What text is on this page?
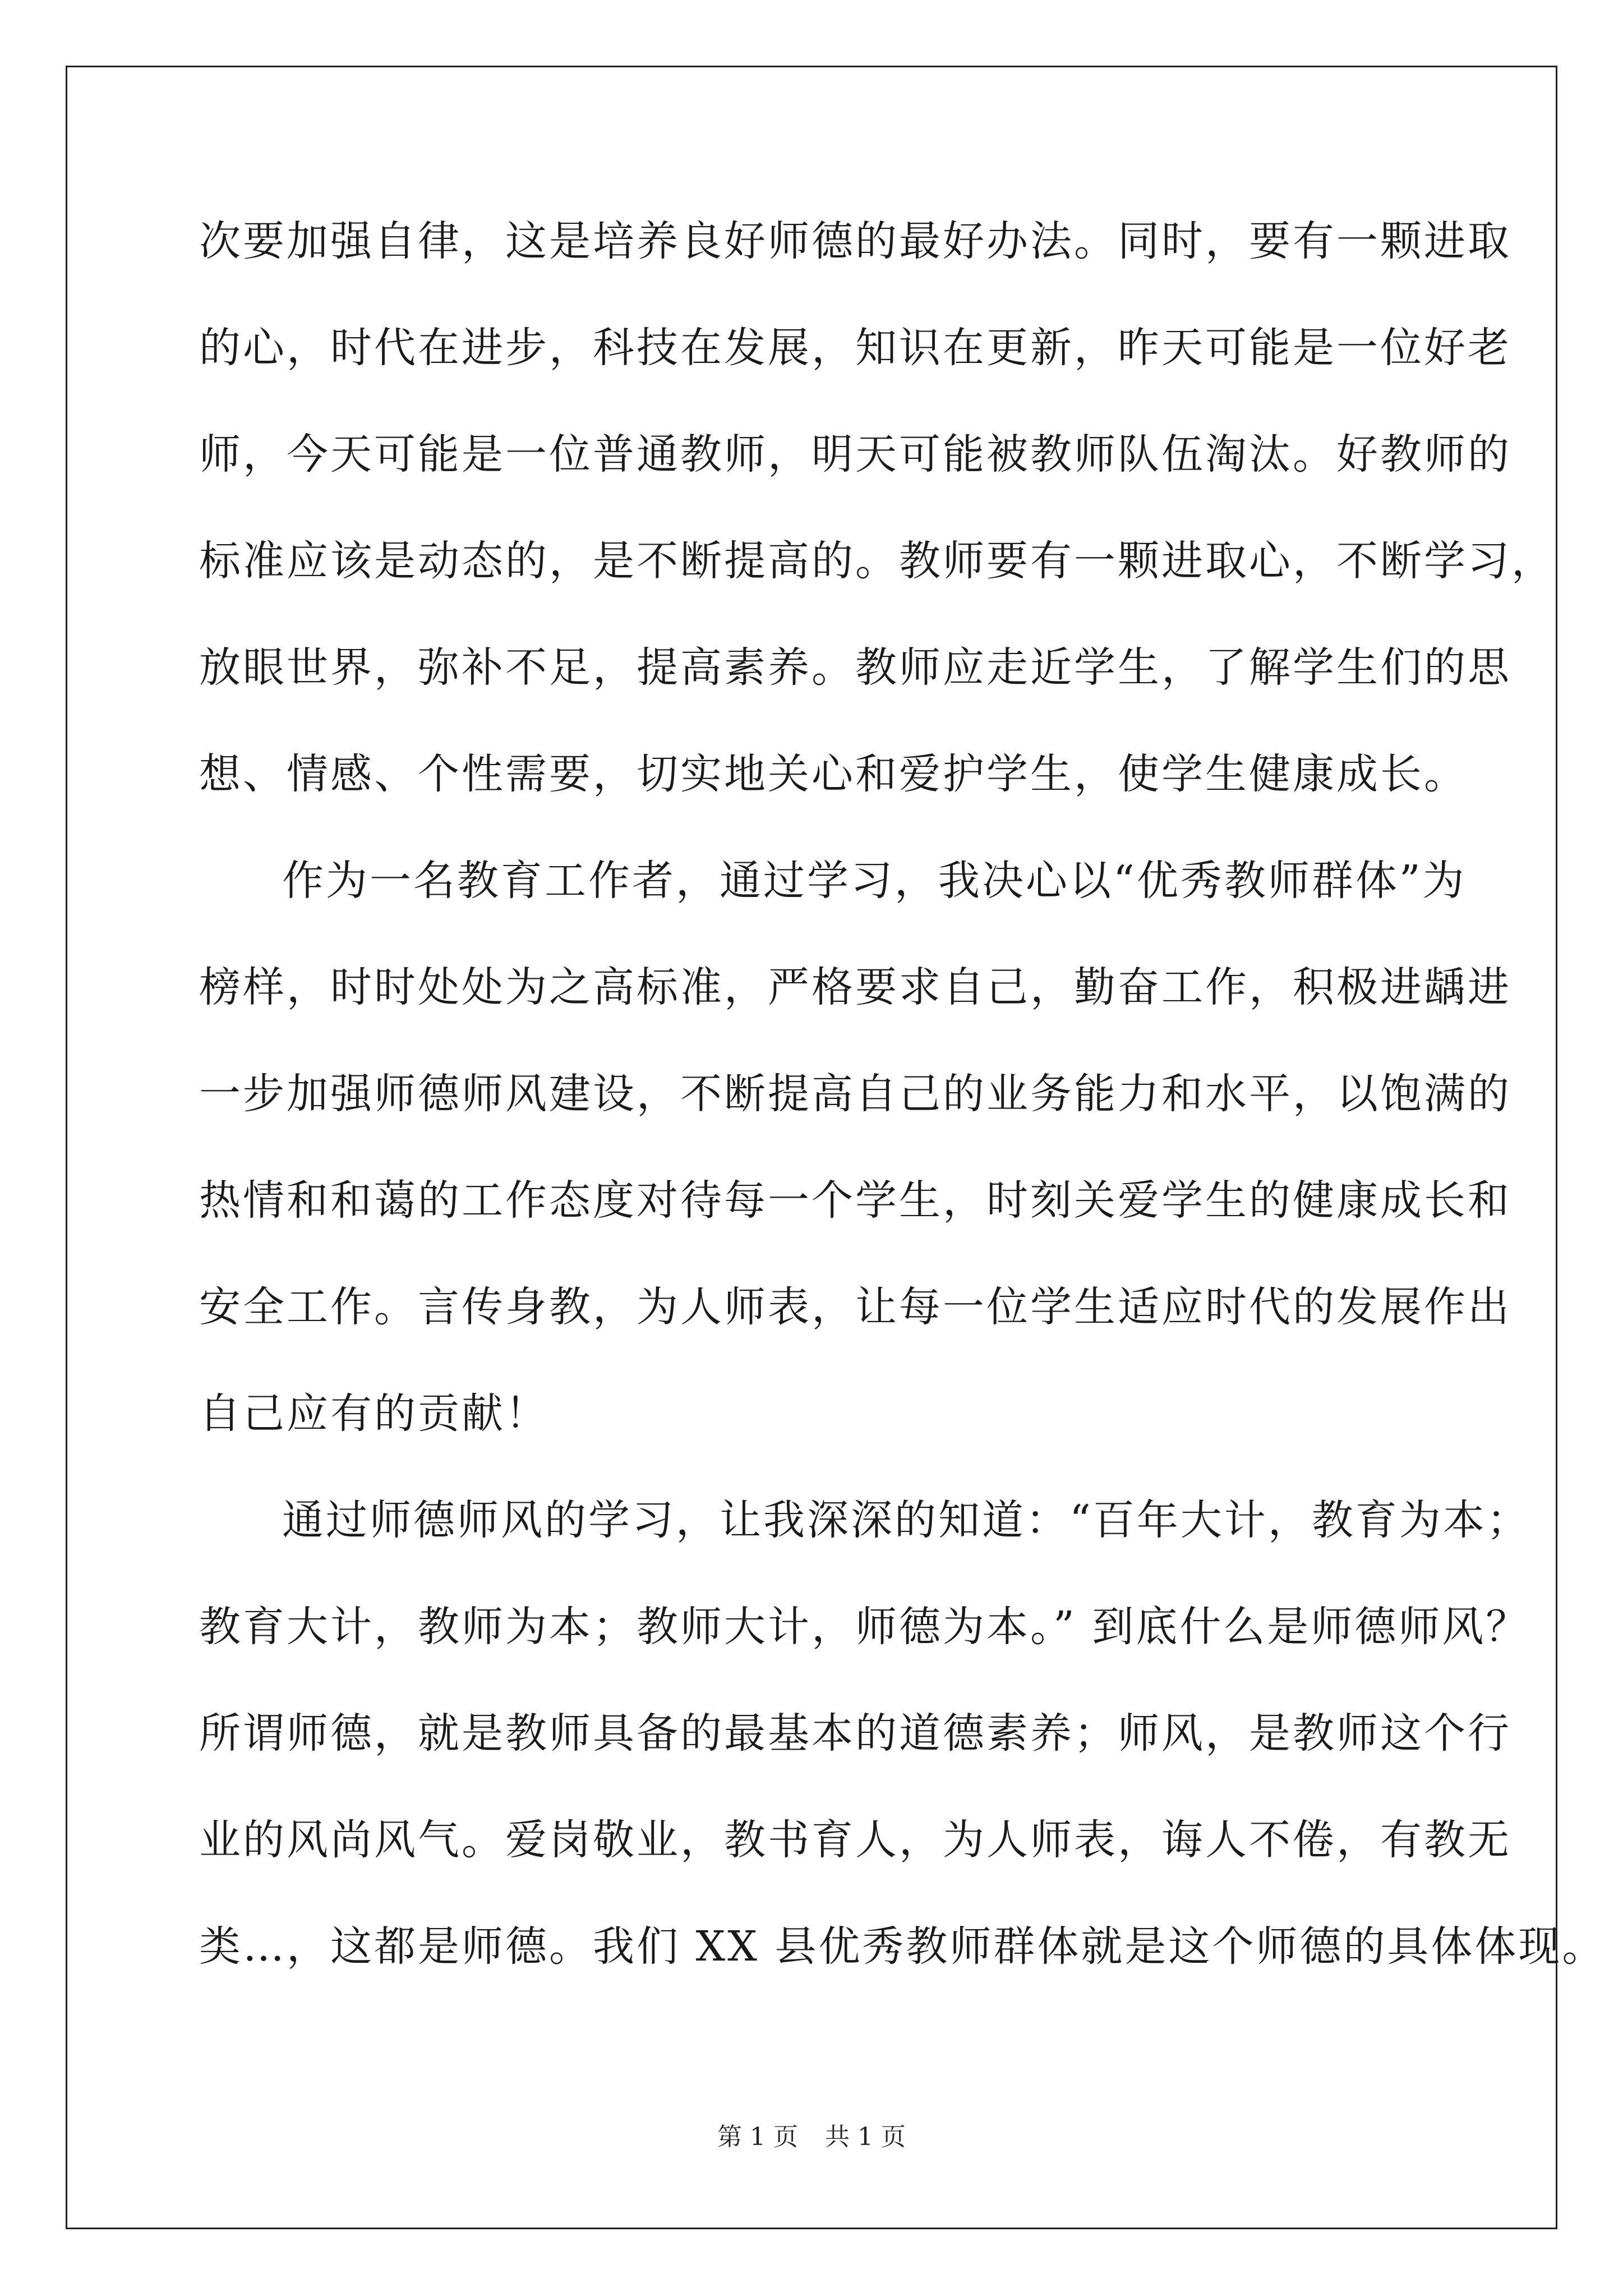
次要加强自律，这是培养良好师德的最好办法。同时，要有一颗进取
的心，时代在进步，科技在发展，知识在更新，昨天可能是一位好老
师，今天可能是一位普通教师，明天可能被教师队伍淘汰。好教师的
标准应该是动态的，是不断提高的。教师要有一颗进取心，不断学习，
放眼世界，弥补不足，提高素养。教师应走近学生，了解学生们的思
想、情感、个性需要，切实地关心和爱护学生，使学生健康成长。
作为一名教育工作者，通过学习，我决心以“优秀教师群体”为
榜样，时时处处为之高标准，严格要求自己，勤奋工作，积极进龋进
一步加强师德师风建设，不断提高自己的业务能力和水平，以饱满的
热情和和蔼的工作态度对待每一个学生，时刻关爱学生的健康成长和
安全工作。言传身教，为人师表，让每一位学生适应时代的发展作出
自己应有的贡献！
通过师德师风的学习，让我深深的知道：“百年大计，教育为本；
教育大计，教师为本；教师大计，师德为本。” 到底什么是师德师风？
所谓师德，就是教师具备的最基本的道德素养；师风，是教师这个行
业的风尚风气。爱岗敬业，教书育人，为人师表，诲人不倦，有教无
类…，这都是师德。我们 XX 县优秀教师群体就是这个师德的具体体现。
第 1 页 共 1 页
